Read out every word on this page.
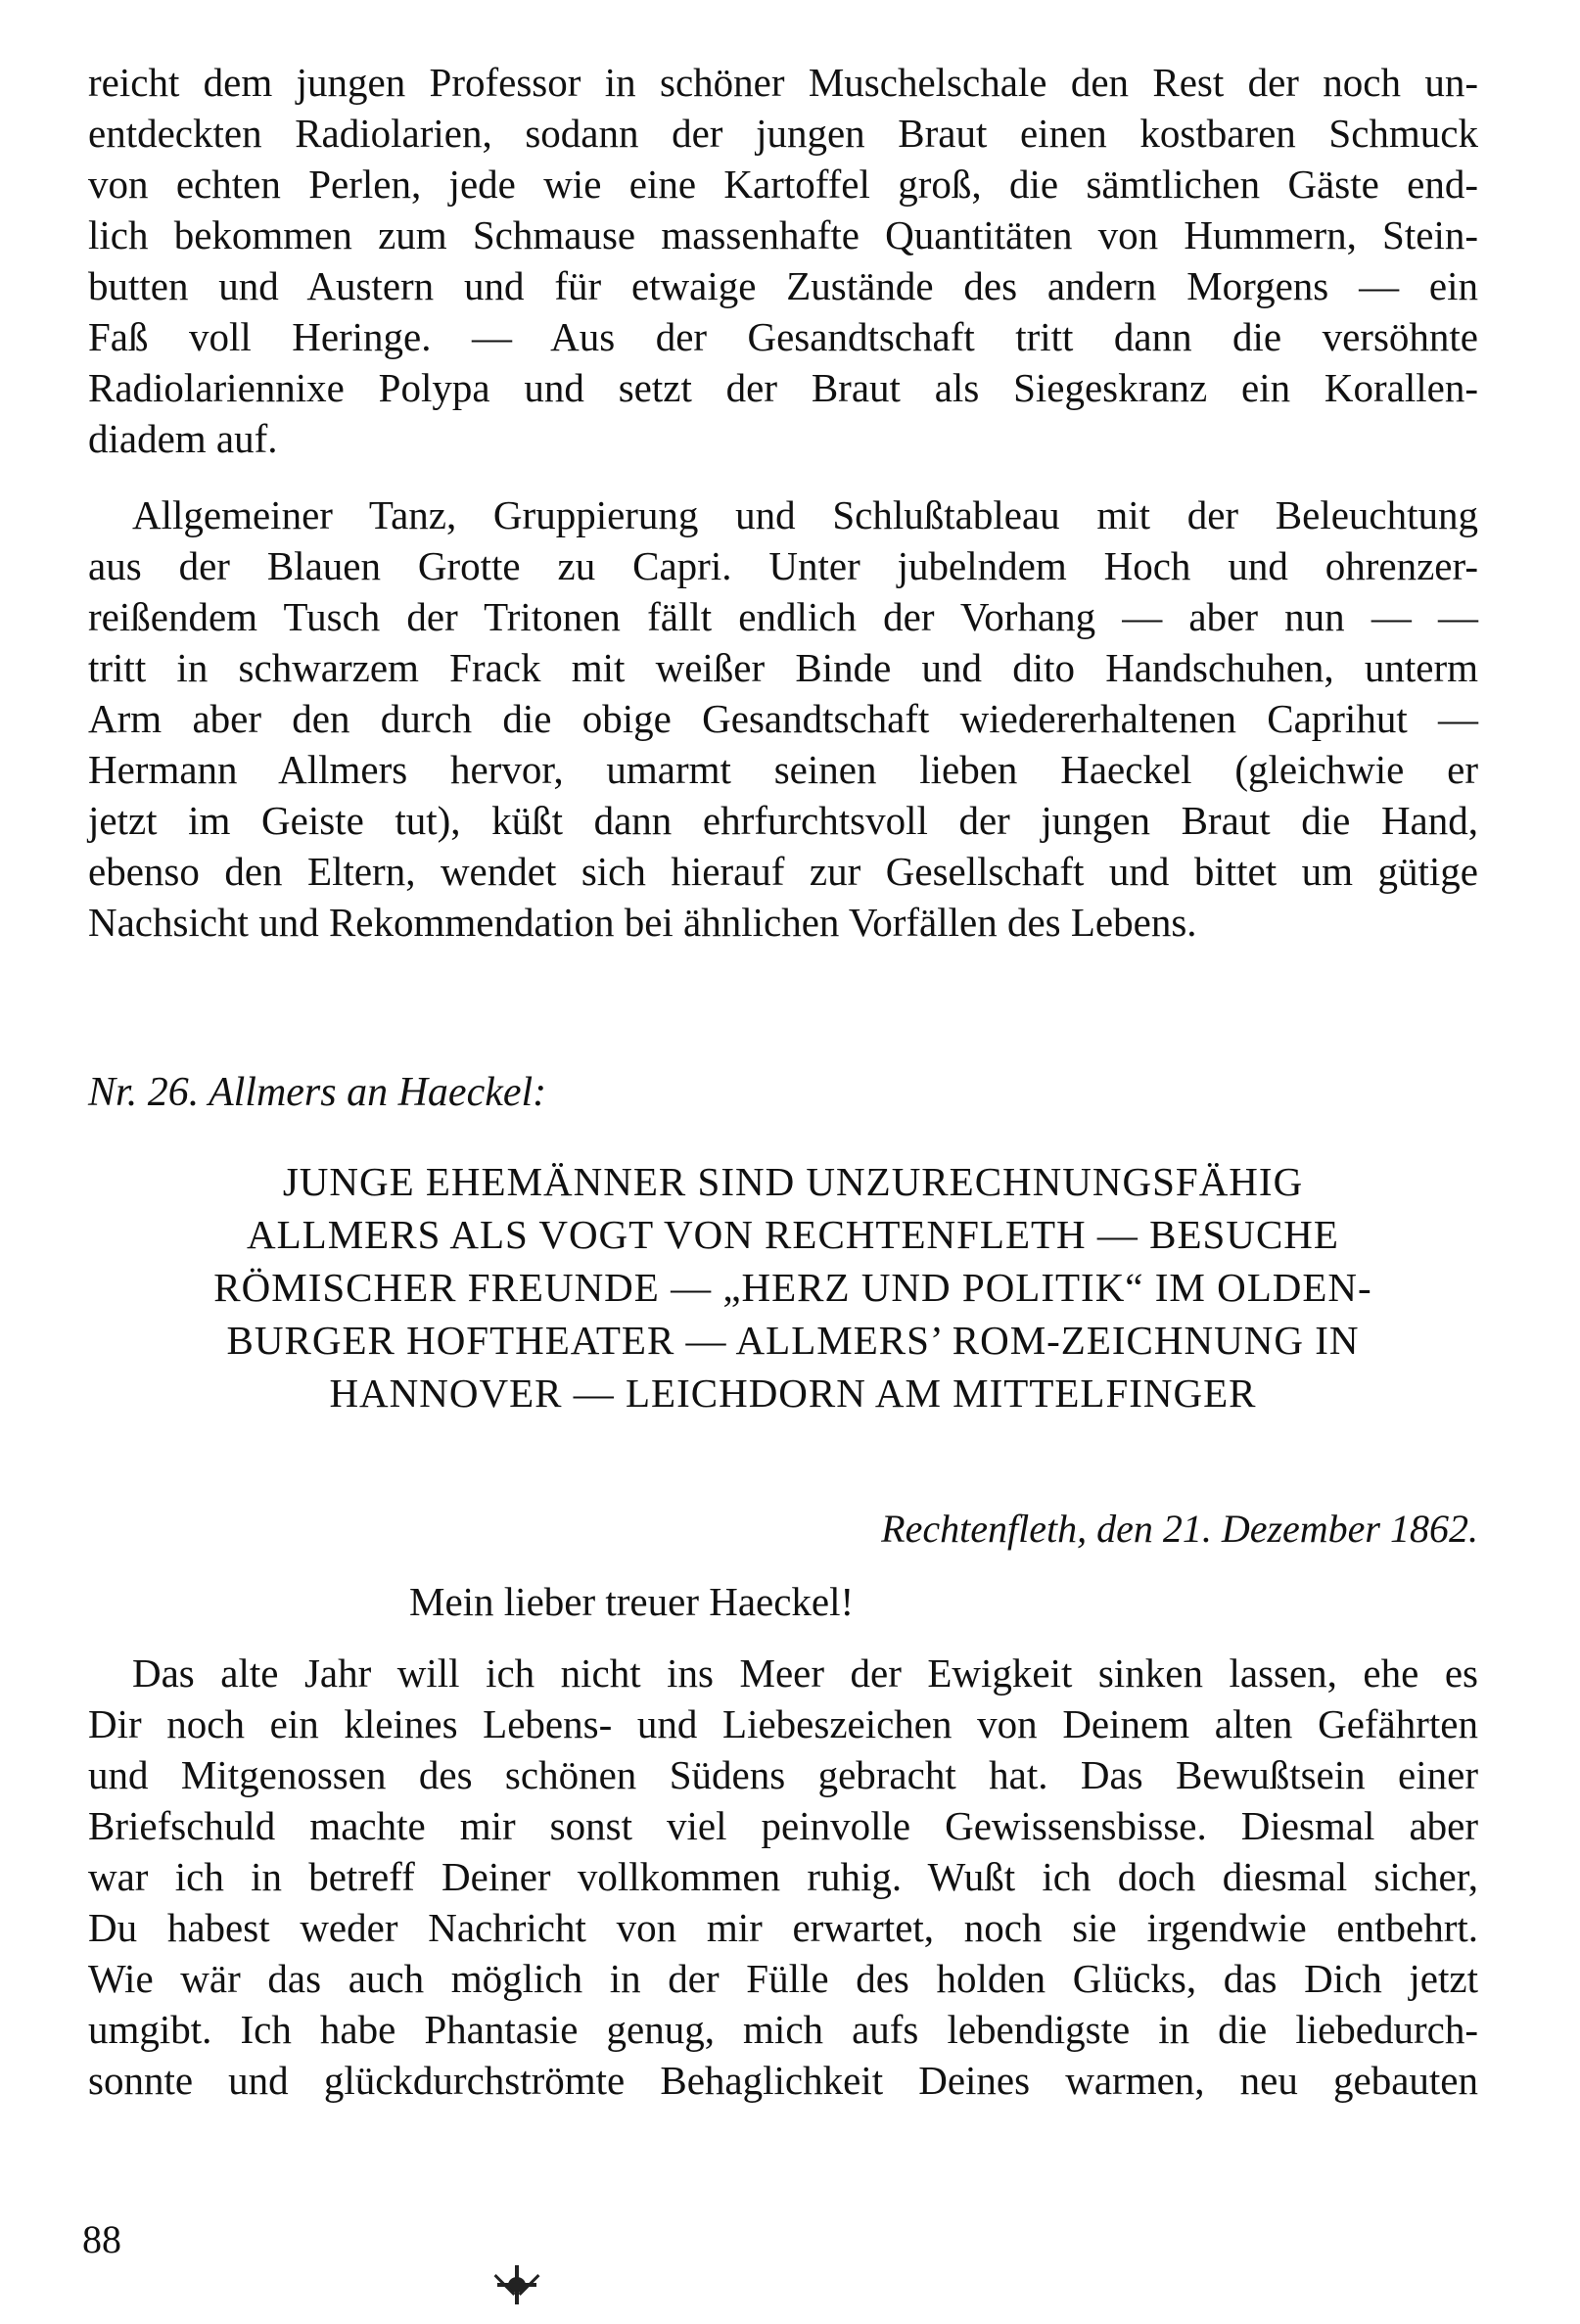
reicht dem jungen Professor in schöner Muschelschale den Rest der noch un-
entdeckten Radiolarien, sodann der jungen Braut einen kostbaren Schmuck
von echten Perlen, jede wie eine Kartoffel groß, die sämtlichen Gäste end-
lich bekommen zum Schmause massenhafte Quantitäten von Hummern, Stein-
butten und Austern und für etwaige Zustände des andern Morgens — ein
Faß voll Heringe. — Aus der Gesandtschaft tritt dann die versöhnte
Radiolariennixe Polypa und setzt der Braut als Siegeskranz ein Korallen-
diadem auf.
Allgemeiner Tanz, Gruppierung und Schlußtableau mit der Beleuchtung
aus der Blauen Grotte zu Capri. Unter jubelndem Hoch und ohrenzer-
reißendem Tusch der Tritonen fällt endlich der Vorhang — aber nun — —
tritt in schwarzem Frack mit weißer Binde und dito Handschuhen, unterm
Arm aber den durch die obige Gesandtschaft wiedererhaltenen Caprihut —
Hermann Allmers hervor, umarmt seinen lieben Haeckel (gleichwie er
jetzt im Geiste tut), küßt dann ehrfurchtsvoll der jungen Braut die Hand,
ebenso den Eltern, wendet sich hierauf zur Gesellschaft und bittet um gütige
Nachsicht und Rekommendation bei ähnlichen Vorfällen des Lebens.
Nr. 26. Allmers an Haeckel:
JUNGE EHEMÄNNER SIND UNZURECHNUNGSFÄHIG
ALLMERS ALS VOGT VON RECHTENFLETH — BESUCHE
RÖMISCHER FREUNDE — „HERZ UND POLITIK“ IM OLDEN-
BURGER HOFTHEATER — ALLMERS’ ROM-ZEICHNUNG IN
HANNOVER — LEICHDORN AM MITTELFINGER
Rechtenfleth, den 21. Dezember 1862.
Mein lieber treuer Haeckel!
Das alte Jahr will ich nicht ins Meer der Ewigkeit sinken lassen, ehe es
Dir noch ein kleines Lebens- und Liebeszeichen von Deinem alten Gefährten
und Mitgenossen des schönen Südens gebracht hat. Das Bewußtsein einer
Briefschuld machte mir sonst viel peinvolle Gewissensbisse. Diesmal aber
war ich in betreff Deiner vollkommen ruhig. Wußt ich doch diesmal sicher,
Du habest weder Nachricht von mir erwartet, noch sie irgendwie entbehrt.
Wie wär das auch möglich in der Fülle des holden Glücks, das Dich jetzt
umgibt. Ich habe Phantasie genug, mich aufs lebendigste in die liebedurch-
sonnte und glückdurchströmte Behaglichkeit Deines warmen, neu gebauten
88
